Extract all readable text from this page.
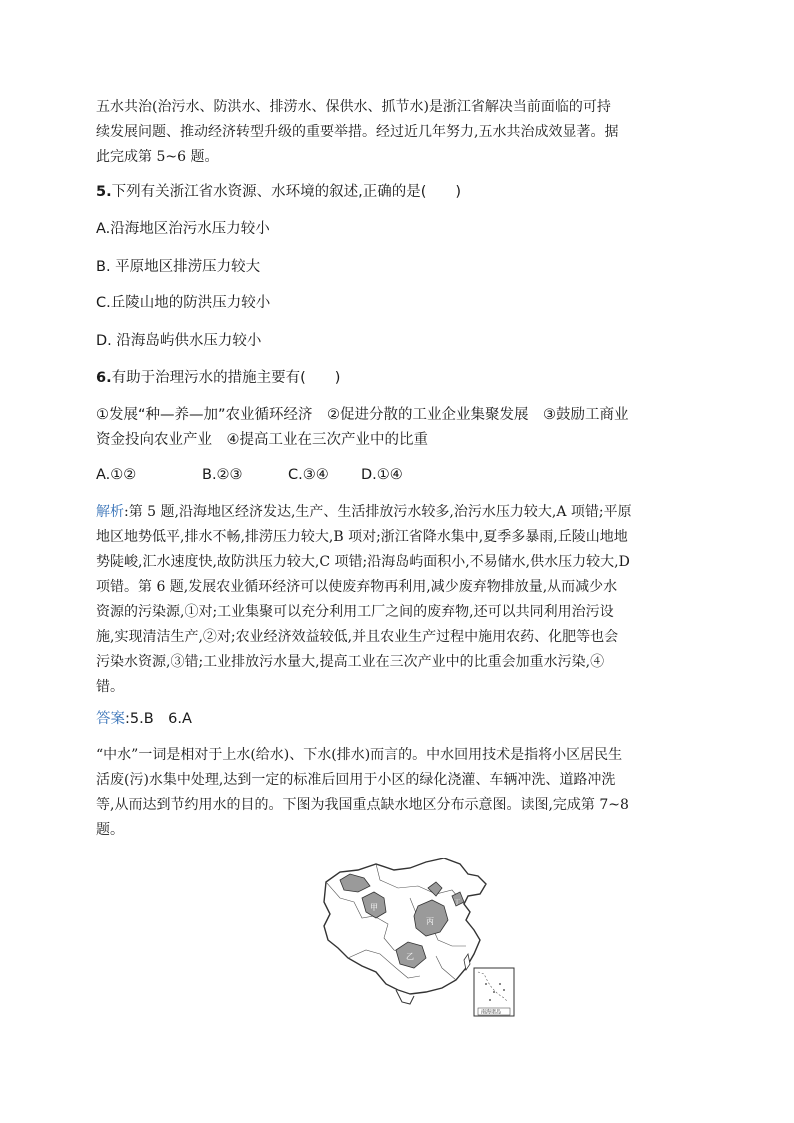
五水共治(治污水、防洪水、排涝水、保供水、抓节水)是浙江省解决当前面临的可持
续发展问题、推动经济转型升级的重要举措。经过近几年努力,五水共治成效显著。据
此完成第 5~6 题。
5.下列有关浙江省水资源、水环境的叙述,正确的是(　　)
A.沿海地区治污水压力较小
B. 平原地区排涝压力较大
C.丘陵山地的防洪压力较小
D. 沿海岛屿供水压力较小
6.有助于治理污水的措施主要有(　　)
①发展“种—养—加”农业循环经济　②促进分散的工业企业集聚发展　③鼓励工商业
资金投向农业产业　④提高工业在三次产业中的比重
A.①②	B.②③	C.③④ D.①④
解析:第 5 题,沿海地区经济发达,生产、生活排放污水较多,治污水压力较大,A 项错;平原
地区地势低平,排水不畅,排涝压力较大,B 项对;浙江省降水集中,夏季多暴雨,丘陵山地地
势陡峻,汇水速度快,故防洪压力较大,C 项错;沿海岛屿面积小,不易储水,供水压力较大,D
项错。第 6 题,发展农业循环经济可以使废弃物再利用,减少废弃物排放量,从而减少水
资源的污染源,①对;工业集聚可以充分利用工厂之间的废弃物,还可以共同利用治污设
施,实现清洁生产,②对;农业经济效益较低,并且农业生产过程中施用农药、化肥等也会
污染水资源,③错;工业排放污水量大,提高工业在三次产业中的比重会加重水污染,④
错。
答案:5.B　6.A
“中水”一词是相对于上水(给水)、下水(排水)而言的。中水回用技术是指将小区居民生
活废(污)水集中处理,达到一定的标准后回用于小区的绿化浇灌、车辆冲洗、道路冲洗
等,从而达到节约用水的目的。下图为我国重点缺水地区分布示意图。读图,完成第 7~8
题。
甲
丙
乙
丁
南海诸岛
